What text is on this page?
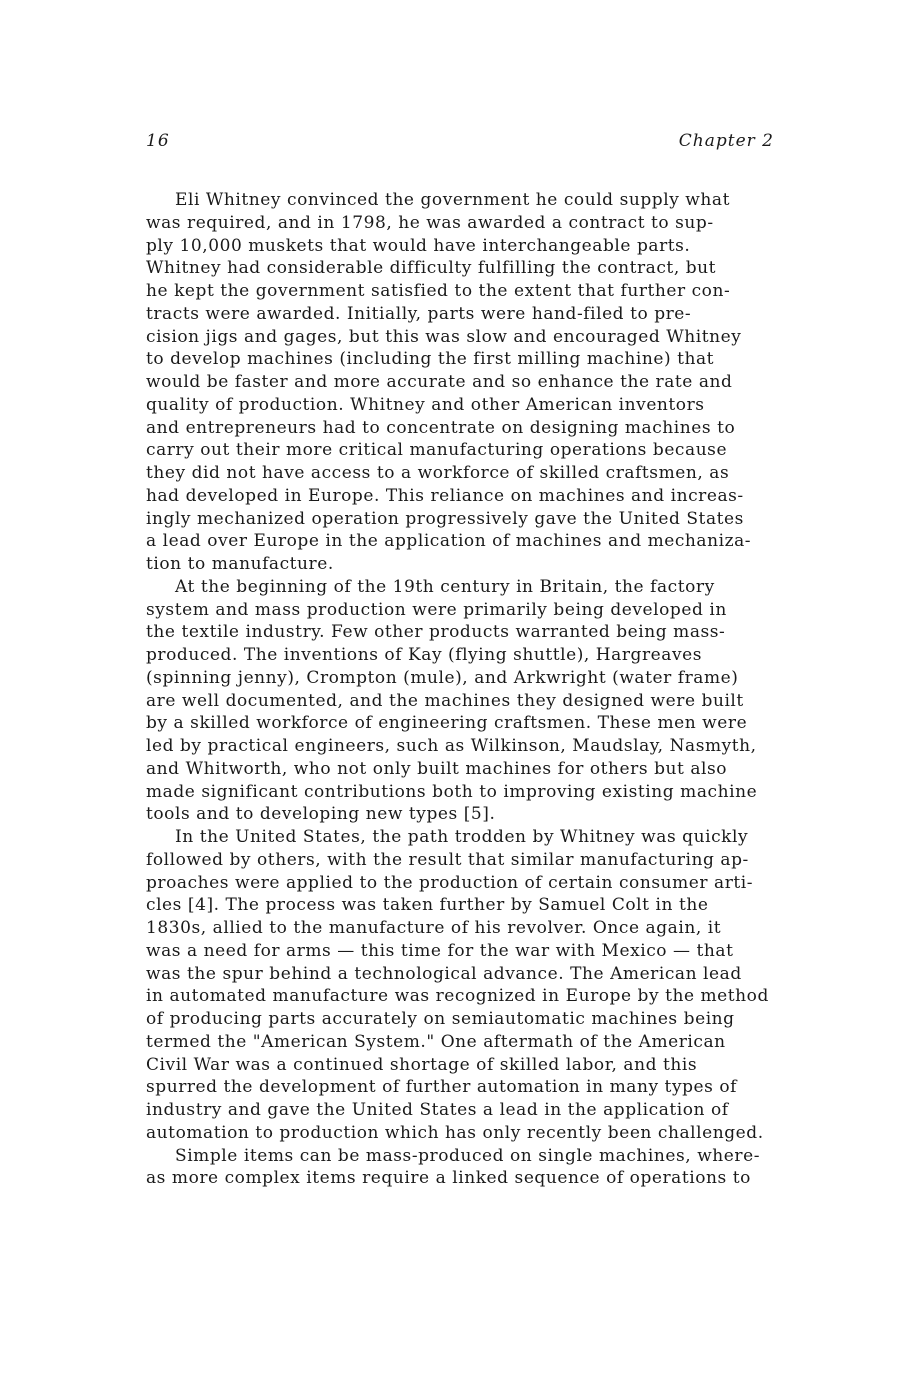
16	Chapter 2
Eli Whitney convinced the government he could supply what
was required, and in 1798, he was awarded a contract to sup-
ply 10,000 muskets that would have interchangeable parts.
Whitney had considerable difficulty fulfilling the contract, but
he kept the government satisfied to the extent that further con-
tracts were awarded. Initially, parts were hand-filed to pre-
cision jigs and gages, but this was slow and encouraged Whitney
to develop machines (including the first milling machine) that
would be faster and more accurate and so enhance the rate and
quality of production. Whitney and other American inventors
and entrepreneurs had to concentrate on designing machines to
carry out their more critical manufacturing operations because
they did not have access to a workforce of skilled craftsmen, as
had developed in Europe. This reliance on machines and increas-
ingly mechanized operation progressively gave the United States
a lead over Europe in the application of machines and mechaniza-
tion to manufacture.
At the beginning of the 19th century in Britain, the factory
system and mass production were primarily being developed in
the textile industry. Few other products warranted being mass-
produced. The inventions of Kay (flying shuttle), Hargreaves
(spinning jenny), Crompton (mule), and Arkwright (water frame)
are well documented, and the machines they designed were built
by a skilled workforce of engineering craftsmen. These men were
led by practical engineers, such as Wilkinson, Maudslay, Nasmyth,
and Whitworth, who not only built machines for others but also
made significant contributions both to improving existing machine
tools and to developing new types [5].
In the United States, the path trodden by Whitney was quickly
followed by others, with the result that similar manufacturing ap-
proaches were applied to the production of certain consumer arti-
cles [4]. The process was taken further by Samuel Colt in the
1830s, allied to the manufacture of his revolver. Once again, it
was a need for arms — this time for the war with Mexico — that
was the spur behind a technological advance. The American lead
in automated manufacture was recognized in Europe by the method
of producing parts accurately on semiautomatic machines being
termed the "American System." One aftermath of the American
Civil War was a continued shortage of skilled labor, and this
spurred the development of further automation in many types of
industry and gave the United States a lead in the application of
automation to production which has only recently been challenged.
Simple items can be mass-produced on single machines, where-
as more complex items require a linked sequence of operations to
